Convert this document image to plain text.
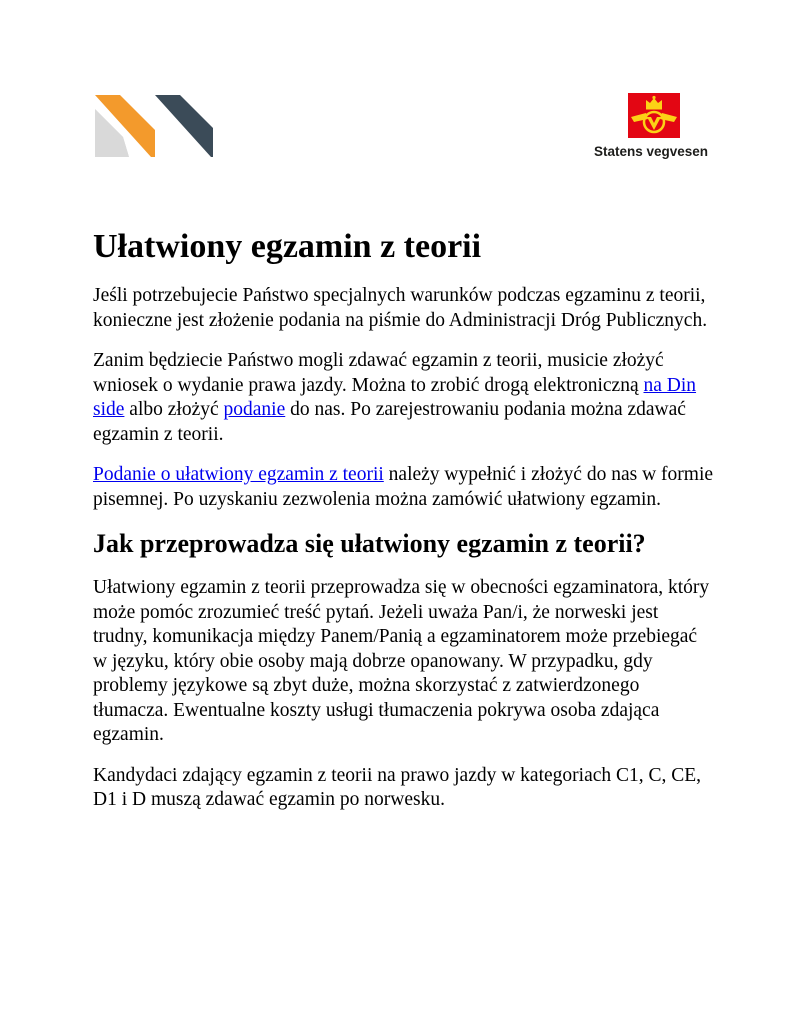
Statens vegvesen
Ułatwiony egzamin z teorii

Jeśli potrzebujecie Państwo specjalnych warunków podczas egzaminu z teorii, konieczne jest złożenie podania na piśmie do Administracji Dróg Publicznych.

Zanim będziecie Państwo mogli zdawać egzamin z teorii, musicie złożyć wniosek o wydanie prawa jazdy. Można to zrobić drogą elektroniczną na Din side albo złożyć podanie do nas. Po zarejestrowaniu podania można zdawać egzamin z teorii.

Podanie o ułatwiony egzamin z teorii należy wypełnić i złożyć do nas w formie pisemnej. Po uzyskaniu zezwolenia można zamówić ułatwiony egzamin.

Jak przeprowadza się ułatwiony egzamin z teorii?

Ułatwiony egzamin z teorii przeprowadza się w obecności egzaminatora, który może pomóc zrozumieć treść pytań. Jeżeli uważa Pan/i, że norweski jest trudny, komunikacja między Panem/Panią a egzaminatorem może przebiegać w języku, który obie osoby mają dobrze opanowany. W przypadku, gdy problemy językowe są zbyt duże, można skorzystać z zatwierdzonego tłumacza. Ewentualne koszty usługi tłumaczenia pokrywa osoba zdająca egzamin.

Kandydaci zdający egzamin z teorii na prawo jazdy w kategoriach C1, C, CE, D1 i D muszą zdawać egzamin po norwesku.
